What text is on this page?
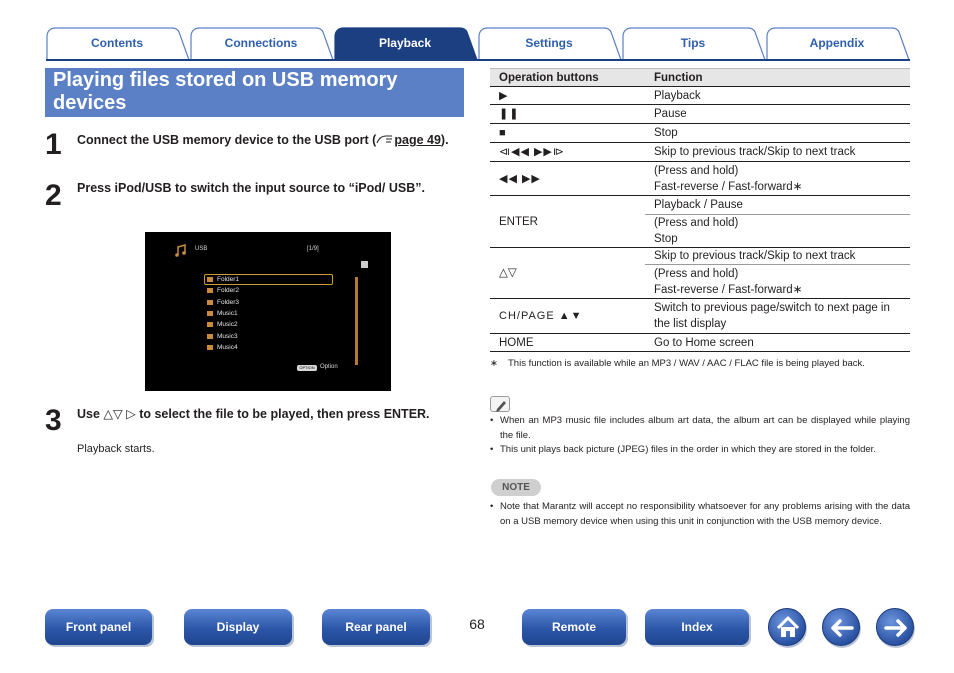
Contents	Connections	Playback	Settings	Tips	Appendix
Playing files stored on USB memory devices
1 Connect the USB memory device to the USB port ( page 49).
2 Press iPod/USB to switch the input source to “iPod/ USB”.
USB	[1/9]
Folder1
Folder2
Folder3
Music1
Music2
Music3
Music4
OPTION Option
3 Use △▽ ▷ to select the file to be played, then press ENTER.
Playback starts.
Operation buttons	Function
▶	Playback
❚❚	Pause
■	Stop
⧏◀◀ ▶▶⧐	Skip to previous track/Skip to next track
◀◀ ▶▶	(Press and hold)
Fast-reverse / Fast-forward∗
ENTER	Playback / Pause
	(Press and hold)
Stop
△▽	Skip to previous track/Skip to next track
	(Press and hold)
Fast-reverse / Fast-forward∗
CH/PAGE ▲▼	Switch to previous page/switch to next page in the list display
HOME	Go to Home screen
∗	This function is available while an MP3 / WAV / AAC / FLAC file is being played back.
• When an MP3 music file includes album art data, the album art can be displayed while playing the file.
• This unit plays back picture (JPEG) files in the order in which they are stored in the folder.
NOTE
• Note that Marantz will accept no responsibility whatsoever for any problems arising with the data on a USB memory device when using this unit in conjunction with the USB memory device.
Front panel	Display	Rear panel	68	Remote	Index
